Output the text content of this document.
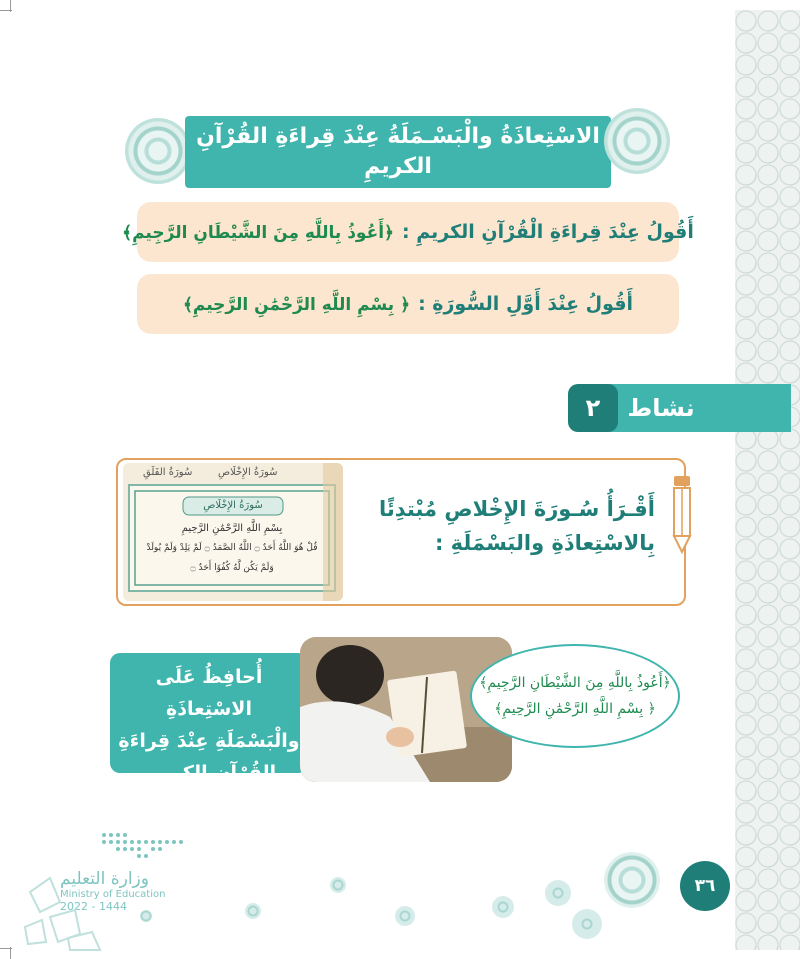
الاسْتِعاذَةُ والْبَسْـمَلَةُ عِنْدَ قِراءَةِ القُرْآنِ
الكريمِ
أَقُولُ عِنْدَ قِراءَةِ الْقُرْآنِ الكريمِ :
﴿أَعُوذُ بِاللَّهِ مِنَ الشَّيْطَانِ الرَّجِيمِ﴾
أَقُولُ عِنْدَ أَوَّلِ السُّورَةِ :
﴿ بِسْمِ اللَّهِ الرَّحْمَٰنِ الرَّحِيمِ﴾
نشاط
٢
أَقْـرَأُ سُـورَةَ الإِخْلاصِ مُبْتدِئًا
بِالاسْتِعاذَةِ والبَسْمَلَةِ :
سُورَةُ الإِخْلَاصِ
سُورَةُ الفَلَقِ
سُورَةُ الإِخْلَاصِ
بِسْمِ اللَّهِ الرَّحْمَٰنِ الرَّحِيمِ
قُلْ هُوَ اللَّهُ أَحَدٌ ۝ اللَّهُ الصَّمَدُ ۝ لَمْ يَلِدْ وَلَمْ يُولَدْ
وَلَمْ يَكُن لَّهُ كُفُوًا أَحَدٌ ۝
أُحافِظُ عَلَى الاسْتِعاذَةِ
والْبَسْمَلَةِ عِنْدَ قِراءَةِ
القُرْآنِ الكرِيمِ.
﴿أَعُوذُ بِاللَّهِ مِنَ الشَّيْطَانِ الرَّجِيمِ﴾
﴿ بِسْمِ اللَّهِ الرَّحْمَٰنِ الرَّحِيمِ﴾
٣٦
وزارة التعليم
Ministry of Education
2022 - 1444
